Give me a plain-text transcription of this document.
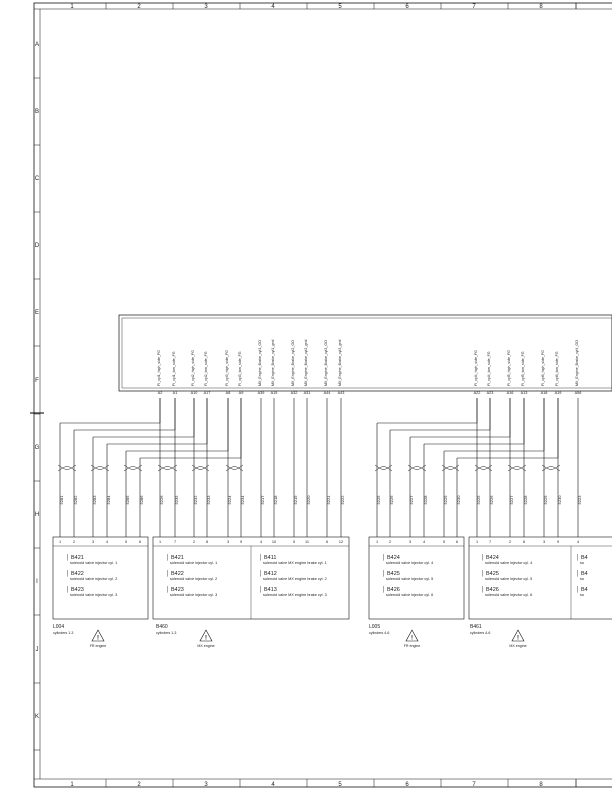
1
1
2
2
3
3
4
4
5
5
6
6
7
7
8
8
A
B
C
D
E
F
G
H
I
J
K
FI_cyl1_high_side_FG
A2
FI_cyl1_low_side_FG
A1
FI_cyl2_high_side_FG
A10
FI_cyl2_low_side_FG
A17
FI_cyl3_high_side_FG
A8
FI_cyl3_low_side_FG
A9
MX_Engine_Brake_cyl1_GO
A39
MX_Engine_Brake_cyl1_gnd
A15
MX_Engine_Brake_cyl2_GO
A32
MX_Engine_Brake_cyl2_gnd
A31
MX_Engine_Brake_cyl3_GO
A44
MX_Engine_Brake_cyl3_gnd
A43
FI_cyl4_high_side_FG
A22
FI_cyl4_low_side_FG
A23
FI_cyl5_high_side_FG
A16
FI_cyl5_low_side_FG
A13
FI_cyl6_high_side_FG
A18
FI_cyl6_low_side_FG
A19
MX_Engine_Brake_cyl4_GO
A56
5281 5282	5283 5284	5285 5286	5226	5235	5232 5233	5224 5234	5217 5218	5219 5220	5221 5222	5225 5226	5227 5228	5229 5230	5225 5226	5227 5228	5229 5230	5223
1	2	3	4	5	6
│ B421
solenoid valve injector cyl. 1
│ B422
solenoid valve injector cyl. 2
│ B423
solenoid valve injector cyl. 3
L004
cylinders 1-3
!
FR engine
1	7	2	8	3	9	4	10	5	11	6	12
│ B421
solenoid valve injector cyl. 1
│ B422
solenoid valve injector cyl. 2
│ B423
solenoid valve injector cyl. 3
│ B411
solenoid valve MX engine brake cyl. 1
│ B412
solenoid valve MX engine brake cyl. 2
│ B413
solenoid valve MX engine brake cyl. 3
B460
cylinders 1-3
!
MX engine
1	2	3	4	5	6
│ B424
solenoid valve injector cyl. 4
│ B425
solenoid valve injector cyl. 5
│ B426
solenoid valve injector cyl. 6
L005
cylinders 4-6
!
FR engine
1	7	2	8	3	9	4
│ B424
solenoid valve injector cyl. 4
│ B425
solenoid valve injector cyl. 5
│ B426
solenoid valve injector cyl. 6
│ B4
so
│ B4
so
│ B4
so
B461
cylinders 4-6
!
MX engine
